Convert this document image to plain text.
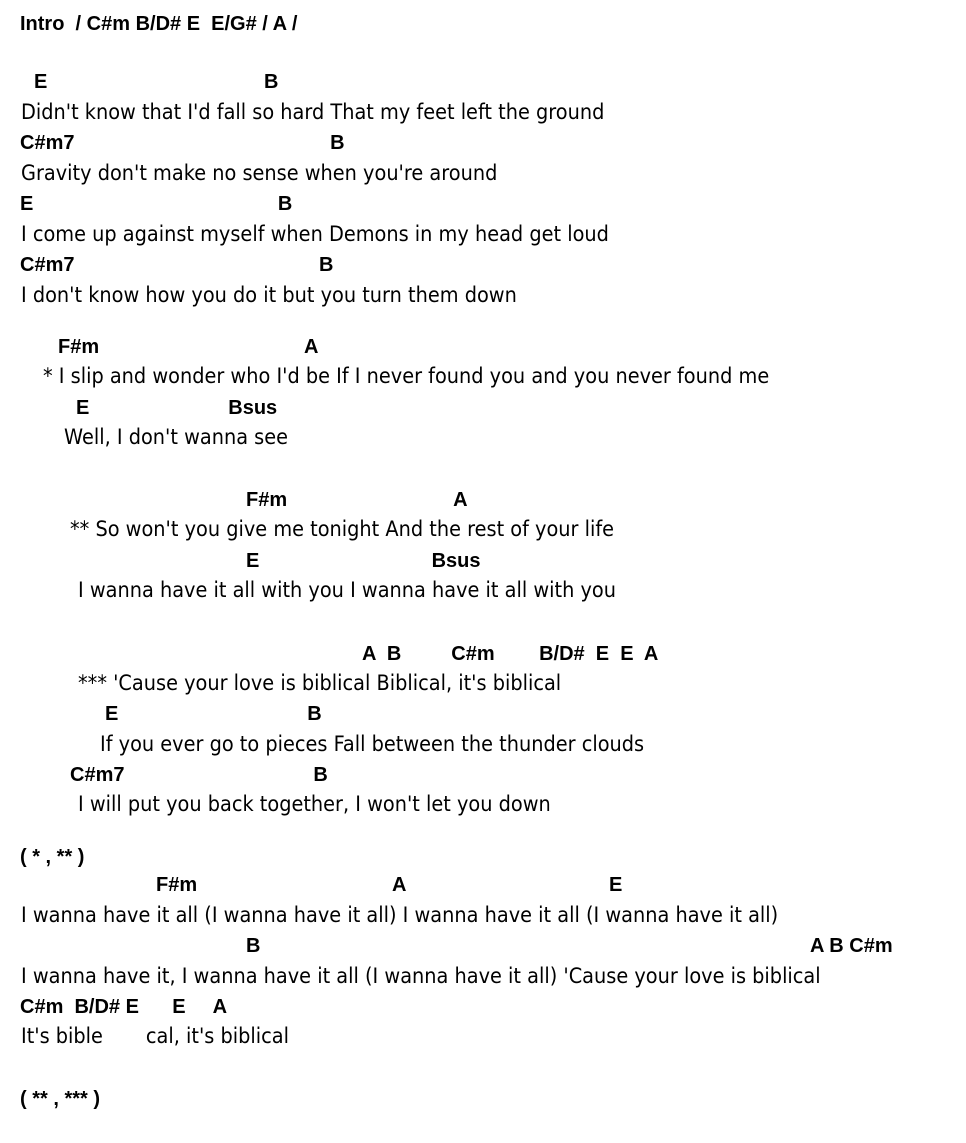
Intro  / C#m B/D# E  E/G# / A /
E                                       B
Didn't know that I'd fall so hard That my feet left the ground
C#m7                                              B
Gravity don't make no sense when you're around
E                                            B
I come up against myself when Demons in my head get loud
C#m7                                            B
I don't know how you do it but you turn them down
F#m                                     A
* I slip and wonder who I'd be If I never found you and you never found me
E                         Bsus
Well, I don't wanna see
F#m                              A
** So won't you give me tonight And the rest of your life
E                               Bsus
I wanna have it all with you I wanna have it all with you
A  B         C#m        B/D#  E  E  A
*** 'Cause your love is biblical Biblical, it's biblical
E                                  B
If you ever go to pieces Fall between the thunder clouds
C#m7                                  B
I will put you back together, I won't let you down
( * , ** )
F#m	A	E
I wanna have it all (I wanna have it all) I wanna have it all (I wanna have it all)
B	A B C#m
I wanna have it, I wanna have it all (I wanna have it all) 'Cause your love is biblical
C#m  B/D# E      E     A
It's bible       cal, it's biblical
( ** , *** )
